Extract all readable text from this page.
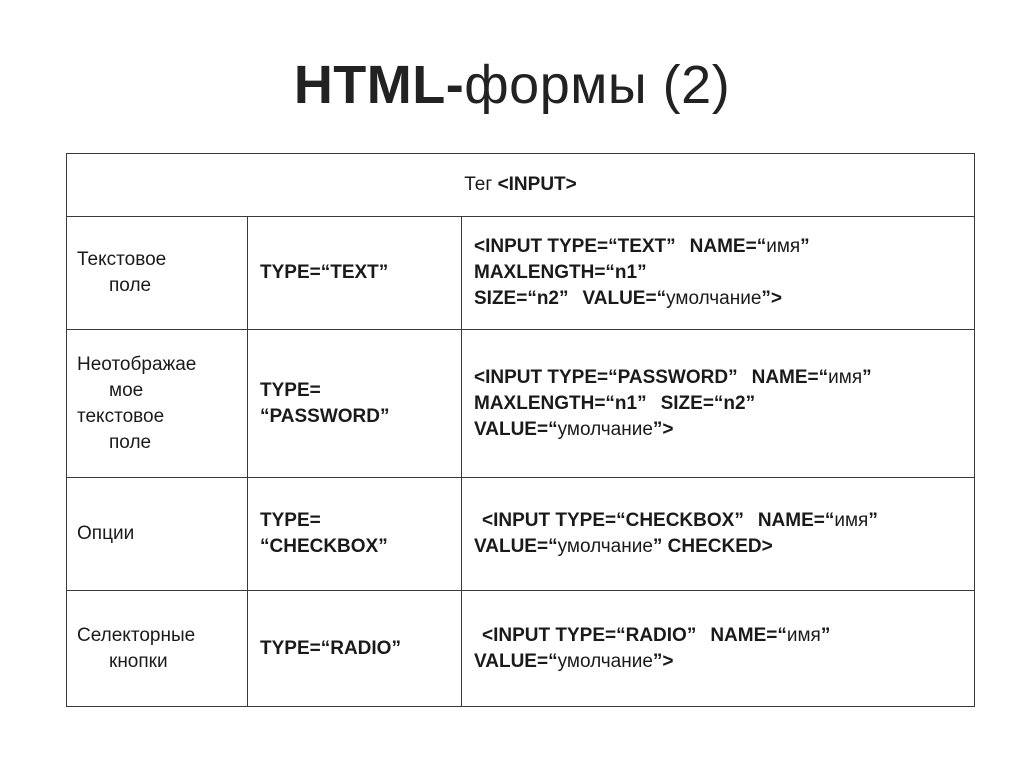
HTML-формы (2)
Тег <INPUT>		

Текстовое
поле	TYPE=“TEXT”	<INPUT TYPE=“TEXT” NAME=“имя”
MAXLENGTH=“n1”
SIZE=“n2” VALUE=“умолчание”>

Неотображае
мое
текстовое
поле	TYPE=
“PASSWORD”	<INPUT TYPE=“PASSWORD” NAME=“имя”
MAXLENGTH=“n1” SIZE=“n2”
VALUE=“умолчание”>

Опции	TYPE=
“CHECKBOX”	<INPUT TYPE=“CHECKBOX” NAME=“имя”
VALUE=“умолчание” CHECKED>

Селекторные
кнопки	TYPE=“RADIO”	<INPUT TYPE=“RADIO” NAME=“имя”
VALUE=“умолчание”>
